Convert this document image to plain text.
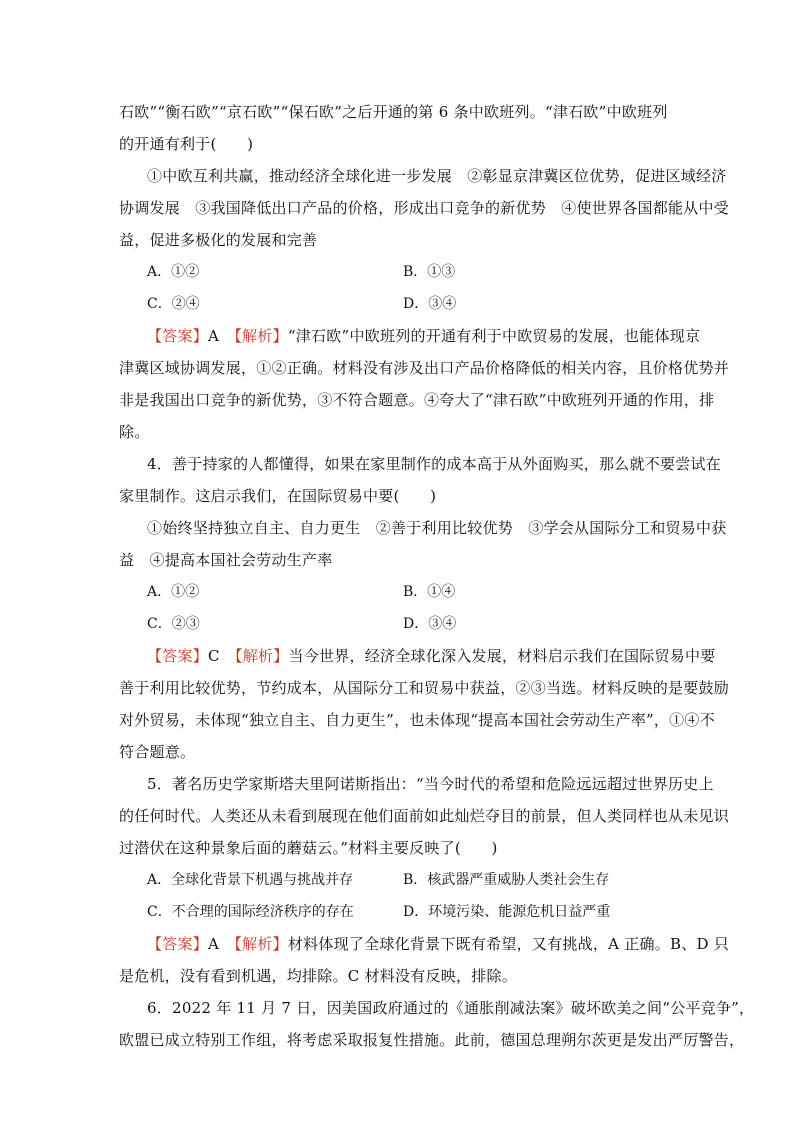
石欧”“衡石欧”“京石欧”“保石欧”之后开通的第 6 条中欧班列。“津石欧”中欧班列
的开通有利于(　　)
①中欧互利共赢，推动经济全球化进一步发展　②彰显京津冀区位优势，促进区域经济
协调发展　③我国降低出口产品的价格，形成出口竞争的新优势　④使世界各国都能从中受
益，促进多极化的发展和完善
A．①②	B．①③
C．②④	D．③④
【答案】A　 【解析】“津石欧”中欧班列的开通有利于中欧贸易的发展，也能体现京
津冀区域协调发展，①②正确。材料没有涉及出口产品价格降低的相关内容，且价格优势并
非是我国出口竞争的新优势，③不符合题意。④夸大了“津石欧”中欧班列开通的作用，排
除。
4．善于持家的人都懂得，如果在家里制作的成本高于从外面购买，那么就不要尝试在
家里制作。这启示我们，在国际贸易中要(　　)
①始终坚持独立自主、自力更生　②善于利用比较优势　③学会从国际分工和贸易中获
益　④提高本国社会劳动生产率
A．①②	B．①④
C．②③	D．③④
【答案】C　 【解析】当今世界，经济全球化深入发展，材料启示我们在国际贸易中要
善于利用比较优势，节约成本，从国际分工和贸易中获益，②③当选。材料反映的是要鼓励
对外贸易，未体现“独立自主、自力更生”，也未体现“提高本国社会劳动生产率”，①④不
符合题意。
5．著名历史学家斯塔夫里阿诺斯指出：“当今时代的希望和危险远远超过世界历史上
的任何时代。人类还从未看到展现在他们面前如此灿烂夺目的前景，但人类同样也从未见识
过潜伏在这种景象后面的蘑菇云。”材料主要反映了(　　)
A．全球化背景下机遇与挑战并存	B．核武器严重威胁人类社会生存
C．不合理的国际经济秩序的存在	D．环境污染、能源危机日益严重
【答案】A　 【解析】材料体现了全球化背景下既有希望，又有挑战，A 正确。B、D 只
是危机，没有看到机遇，均排除。C 材料没有反映，排除。
6．2022 年 11 月 7 日，因美国政府通过的《通胀削减法案》破坏欧美之间“公平竞争”，
欧盟已成立特别工作组，将考虑采取报复性措施。此前，德国总理朔尔茨更是发出严厉警告，
